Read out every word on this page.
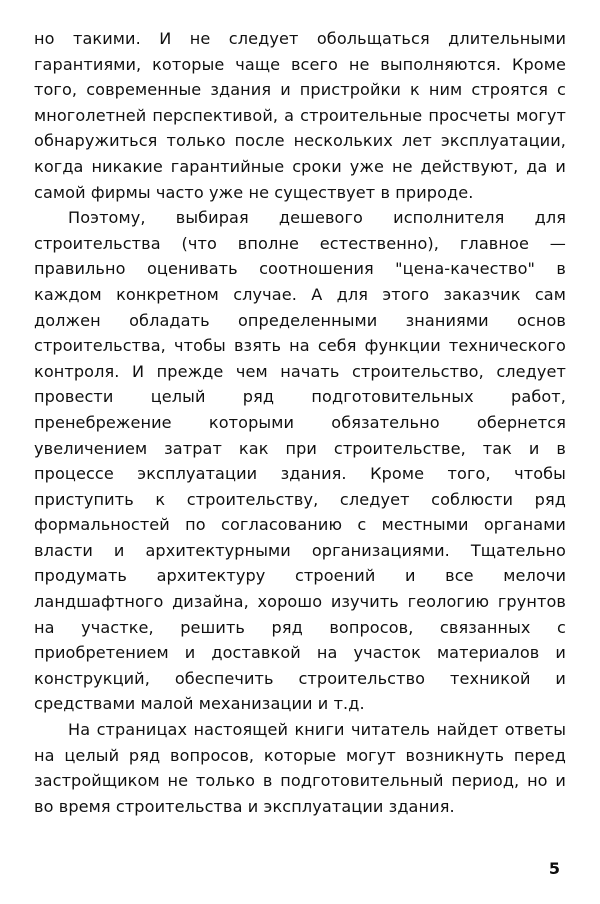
но такими. И не следует обольщаться длительными гарантиями, которые чаще всего не выполняются. Кроме того, современные здания и пристройки к ним строятся с многолетней перспективой, а строительные просчеты могут обнаружиться только после нескольких лет эксплуатации, когда никакие гарантийные сроки уже не действуют, да и самой фирмы часто уже не существует в природе.

Поэтому, выбирая дешевого исполнителя для строительства (что вполне естественно), главное — правильно оценивать соотношения "цена-качество" в каждом конкретном случае. А для этого заказчик сам должен обладать определенными знаниями основ строительства, чтобы взять на себя функции технического контроля. И прежде чем начать строительство, следует провести целый ряд подготовительных работ, пренебрежение которыми обязательно обернется увеличением затрат как при строительстве, так и в процессе эксплуатации здания. Кроме того, чтобы приступить к строительству, следует соблюсти ряд формальностей по согласованию с местными органами власти и архитектурными организациями. Тщательно продумать архитектуру строений и все мелочи ландшафтного дизайна, хорошо изучить геологию грунтов на участке, решить ряд вопросов, связанных с приобретением и доставкой на участок материалов и конструкций, обеспечить строительство техникой и средствами малой механизации и т.д.

На страницах настоящей книги читатель найдет ответы на целый ряд вопросов, которые могут возникнуть перед застройщиком не только в подготовительный период, но и во время строительства и эксплуатации здания.

5
